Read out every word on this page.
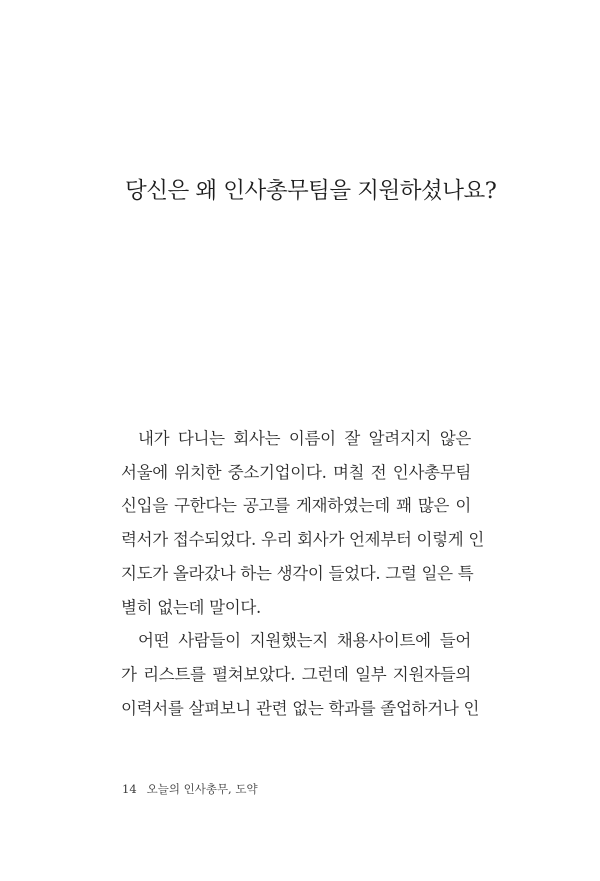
당신은 왜 인사총무팀을 지원하셨나요?
내가 다니는 회사는 이름이 잘 알려지지 않은
서울에 위치한 중소기업이다. 며칠 전 인사총무팀
신입을 구한다는 공고를 게재하였는데 꽤 많은 이
력서가 접수되었다. 우리 회사가 언제부터 이렇게 인
지도가 올라갔나 하는 생각이 들었다. 그럴 일은 특
별히 없는데 말이다.
어떤 사람들이 지원했는지 채용사이트에 들어
가 리스트를 펼쳐보았다. 그런데 일부 지원자들의
이력서를 살펴보니 관련 없는 학과를 졸업하거나 인
14 오늘의 인사총무, 도약
